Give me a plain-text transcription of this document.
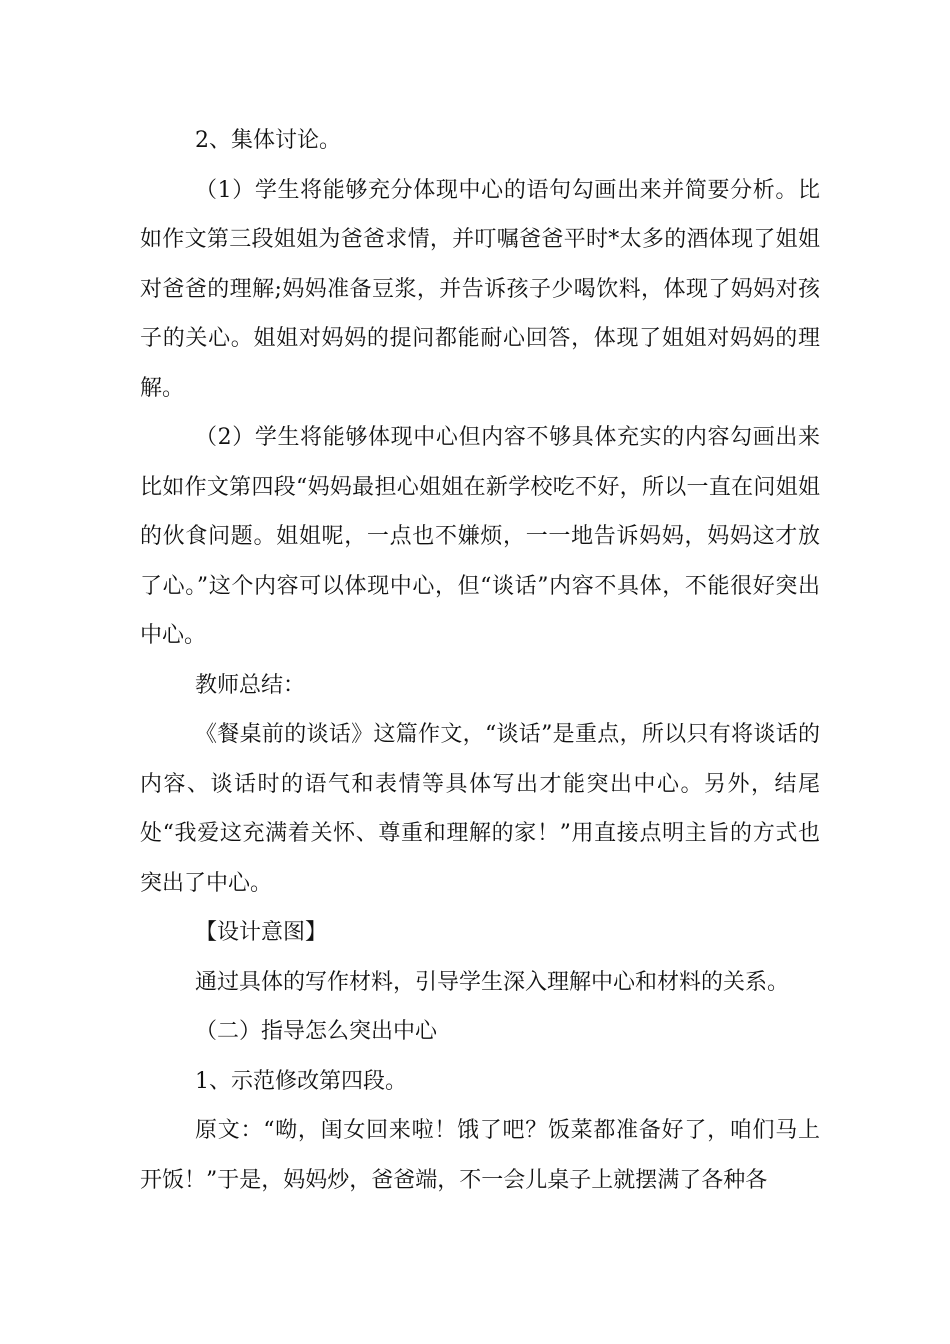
2、集体讨论。

（1）学生将能够充分体现中心的语句勾画出来并简要分析。比如作文第三段姐姐为爸爸求情，并叮嘱爸爸平时*太多的酒体现了姐姐对爸爸的理解;妈妈准备豆浆，并告诉孩子少喝饮料，体现了妈妈对孩子的关心。姐姐对妈妈的提问都能耐心回答，体现了姐姐对妈妈的理解。

（2）学生将能够体现中心但内容不够具体充实的内容勾画出来比如作文第四段“妈妈最担心姐姐在新学校吃不好，所以一直在问姐姐的伙食问题。姐姐呢，一点也不嫌烦，一一地告诉妈妈，妈妈这才放了心。”这个内容可以体现中心，但“谈话”内容不具体，不能很好突出中心。

教师总结：

《餐桌前的谈话》这篇作文，“谈话”是重点，所以只有将谈话的内容、谈话时的语气和表情等具体写出才能突出中心。另外，结尾处“我爱这充满着关怀、尊重和理解的家！”用直接点明主旨的方式也突出了中心。

【设计意图】

通过具体的写作材料，引导学生深入理解中心和材料的关系。

（二）指导怎么突出中心

1、示范修改第四段。

原文：“呦，闺女回来啦！饿了吧？饭菜都准备好了，咱们马上开饭！”于是，妈妈炒，爸爸端，不一会儿桌子上就摆满了各种各
